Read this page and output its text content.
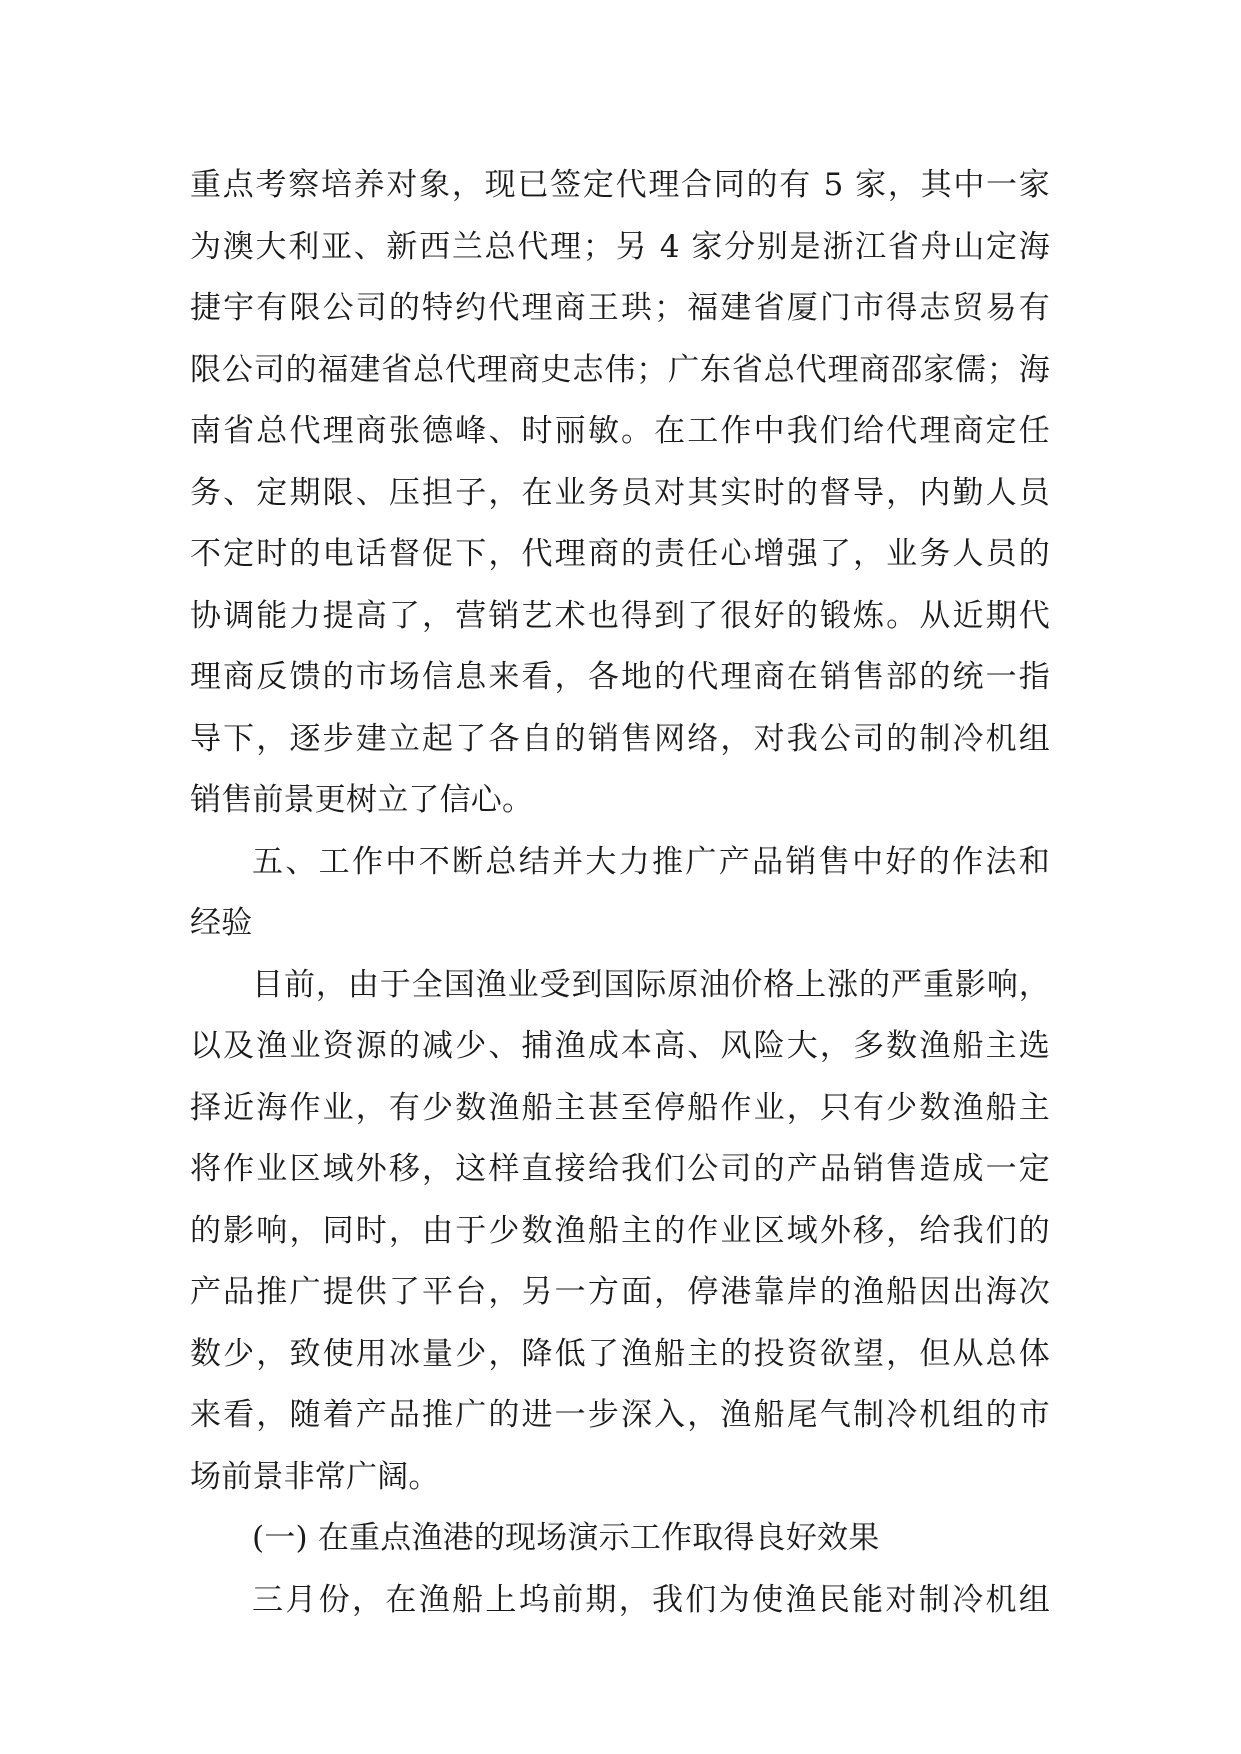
重点考察培养对象，现已签定代理合同的有 5 家，其中一家
为澳大利亚、新西兰总代理；另 4 家分别是浙江省舟山定海
捷宇有限公司的特约代理商王珙；福建省厦门市得志贸易有
限公司的福建省总代理商史志伟；广东省总代理商邵家儒；海
南省总代理商张德峰、时丽敏。在工作中我们给代理商定任
务、定期限、压担子，在业务员对其实时的督导，内勤人员
不定时的电话督促下，代理商的责任心增强了，业务人员的
协调能力提高了，营销艺术也得到了很好的锻炼。从近期代
理商反馈的市场信息来看，各地的代理商在销售部的统一指
导下，逐步建立起了各自的销售网络，对我公司的制冷机组
销售前景更树立了信心。
五、工作中不断总结并大力推广产品销售中好的作法和
经验
目前，由于全国渔业受到国际原油价格上涨的严重影响，
以及渔业资源的减少、捕渔成本高、风险大，多数渔船主选
择近海作业，有少数渔船主甚至停船作业，只有少数渔船主
将作业区域外移，这样直接给我们公司的产品销售造成一定
的影响，同时，由于少数渔船主的作业区域外移，给我们的
产品推广提供了平台，另一方面，停港靠岸的渔船因出海次
数少，致使用冰量少，降低了渔船主的投资欲望，但从总体
来看，随着产品推广的进一步深入，渔船尾气制冷机组的市
场前景非常广阔。
(一) 在重点渔港的现场演示工作取得良好效果
三月份，在渔船上坞前期，我们为使渔民能对制冷机组
